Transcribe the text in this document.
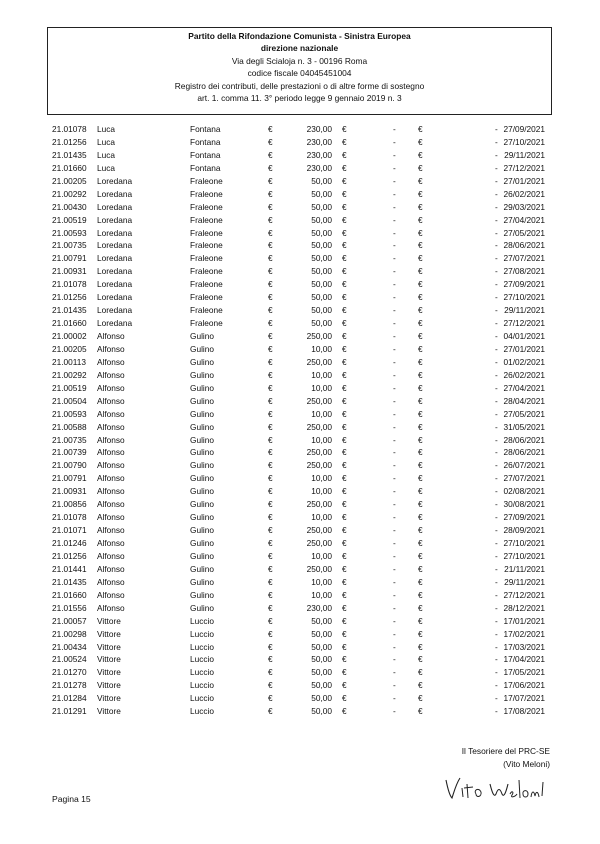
Partito della Rifondazione Comunista - Sinistra Europea
direzione nazionale
Via degli Scialoja n. 3 - 00196 Roma
codice fiscale 04045451004
Registro dei contributi, delle prestazioni o di altre forme di sostegno
art. 1. comma 11. 3° periodo legge 9 gennaio 2019 n. 3
21.01078 Luca	Fontana	€	230,00 €	-	€	- 27/09/2021
21.01256 Luca	Fontana	€	230,00 €	-	€	- 27/10/2021
21.01435 Luca	Fontana	€	230,00 €	-	€	- 29/11/2021
21.01660 Luca	Fontana	€	230,00 €	-	€	- 27/12/2021
21.00205 Loredana	Fraleone	€	50,00 €	-	€	- 27/01/2021
21.00292 Loredana	Fraleone	€	50,00 €	-	€	- 26/02/2021
21.00430 Loredana	Fraleone	€	50,00 €	-	€	- 29/03/2021
21.00519 Loredana	Fraleone	€	50,00 €	-	€	- 27/04/2021
21.00593 Loredana	Fraleone	€	50,00 €	-	€	- 27/05/2021
21.00735 Loredana	Fraleone	€	50,00 €	-	€	- 28/06/2021
21.00791 Loredana	Fraleone	€	50,00 €	-	€	- 27/07/2021
21.00931 Loredana	Fraleone	€	50,00 €	-	€	- 27/08/2021
21.01078 Loredana	Fraleone	€	50,00 €	-	€	- 27/09/2021
21.01256 Loredana	Fraleone	€	50,00 €	-	€	- 27/10/2021
21.01435 Loredana	Fraleone	€	50,00 €	-	€	- 29/11/2021
21.01660 Loredana	Fraleone	€	50,00 €	-	€	- 27/12/2021
21.00002 Alfonso	Gulino	€	250,00 €	-	€	- 04/01/2021
21.00205 Alfonso	Gulino	€	10,00 €	-	€	- 27/01/2021
21.00113 Alfonso	Gulino	€	250,00 €	-	€	- 01/02/2021
21.00292 Alfonso	Gulino	€	10,00 €	-	€	- 26/02/2021
21.00519 Alfonso	Gulino	€	10,00 €	-	€	- 27/04/2021
21.00504 Alfonso	Gulino	€	250,00 €	-	€	- 28/04/2021
21.00593 Alfonso	Gulino	€	10,00 €	-	€	- 27/05/2021
21.00588 Alfonso	Gulino	€	250,00 €	-	€	- 31/05/2021
21.00735 Alfonso	Gulino	€	10,00 €	-	€	- 28/06/2021
21.00739 Alfonso	Gulino	€	250,00 €	-	€	- 28/06/2021
21.00790 Alfonso	Gulino	€	250,00 €	-	€	- 26/07/2021
21.00791 Alfonso	Gulino	€	10,00 €	-	€	- 27/07/2021
21.00931 Alfonso	Gulino	€	10,00 €	-	€	- 02/08/2021
21.00856 Alfonso	Gulino	€	250,00 €	-	€	- 30/08/2021
21.01078 Alfonso	Gulino	€	10,00 €	-	€	- 27/09/2021
21.01071 Alfonso	Gulino	€	250,00 €	-	€	- 28/09/2021
21.01246 Alfonso	Gulino	€	250,00 €	-	€	- 27/10/2021
21.01256 Alfonso	Gulino	€	10,00 €	-	€	- 27/10/2021
21.01441 Alfonso	Gulino	€	250,00 €	-	€	- 21/11/2021
21.01435 Alfonso	Gulino	€	10,00 €	-	€	- 29/11/2021
21.01660 Alfonso	Gulino	€	10,00 €	-	€	- 27/12/2021
21.01556 Alfonso	Gulino	€	230,00 €	-	€	- 28/12/2021
21.00057 Vittore	Luccio	€	50,00 €	-	€	- 17/01/2021
21.00298 Vittore	Luccio	€	50,00 €	-	€	- 17/02/2021
21.00434 Vittore	Luccio	€	50,00 €	-	€	- 17/03/2021
21.00524 Vittore	Luccio	€	50,00 €	-	€	- 17/04/2021
21.01270 Vittore	Luccio	€	50,00 €	-	€	- 17/05/2021
21.01278 Vittore	Luccio	€	50,00 €	-	€	- 17/06/2021
21.01284 Vittore	Luccio	€	50,00 €	-	€	- 17/07/2021
21.01291 Vittore	Luccio	€	50,00 €	-	€	- 17/08/2021
Il Tesoriere del PRC-SE
(Vito Meloni)
Pagina 15
